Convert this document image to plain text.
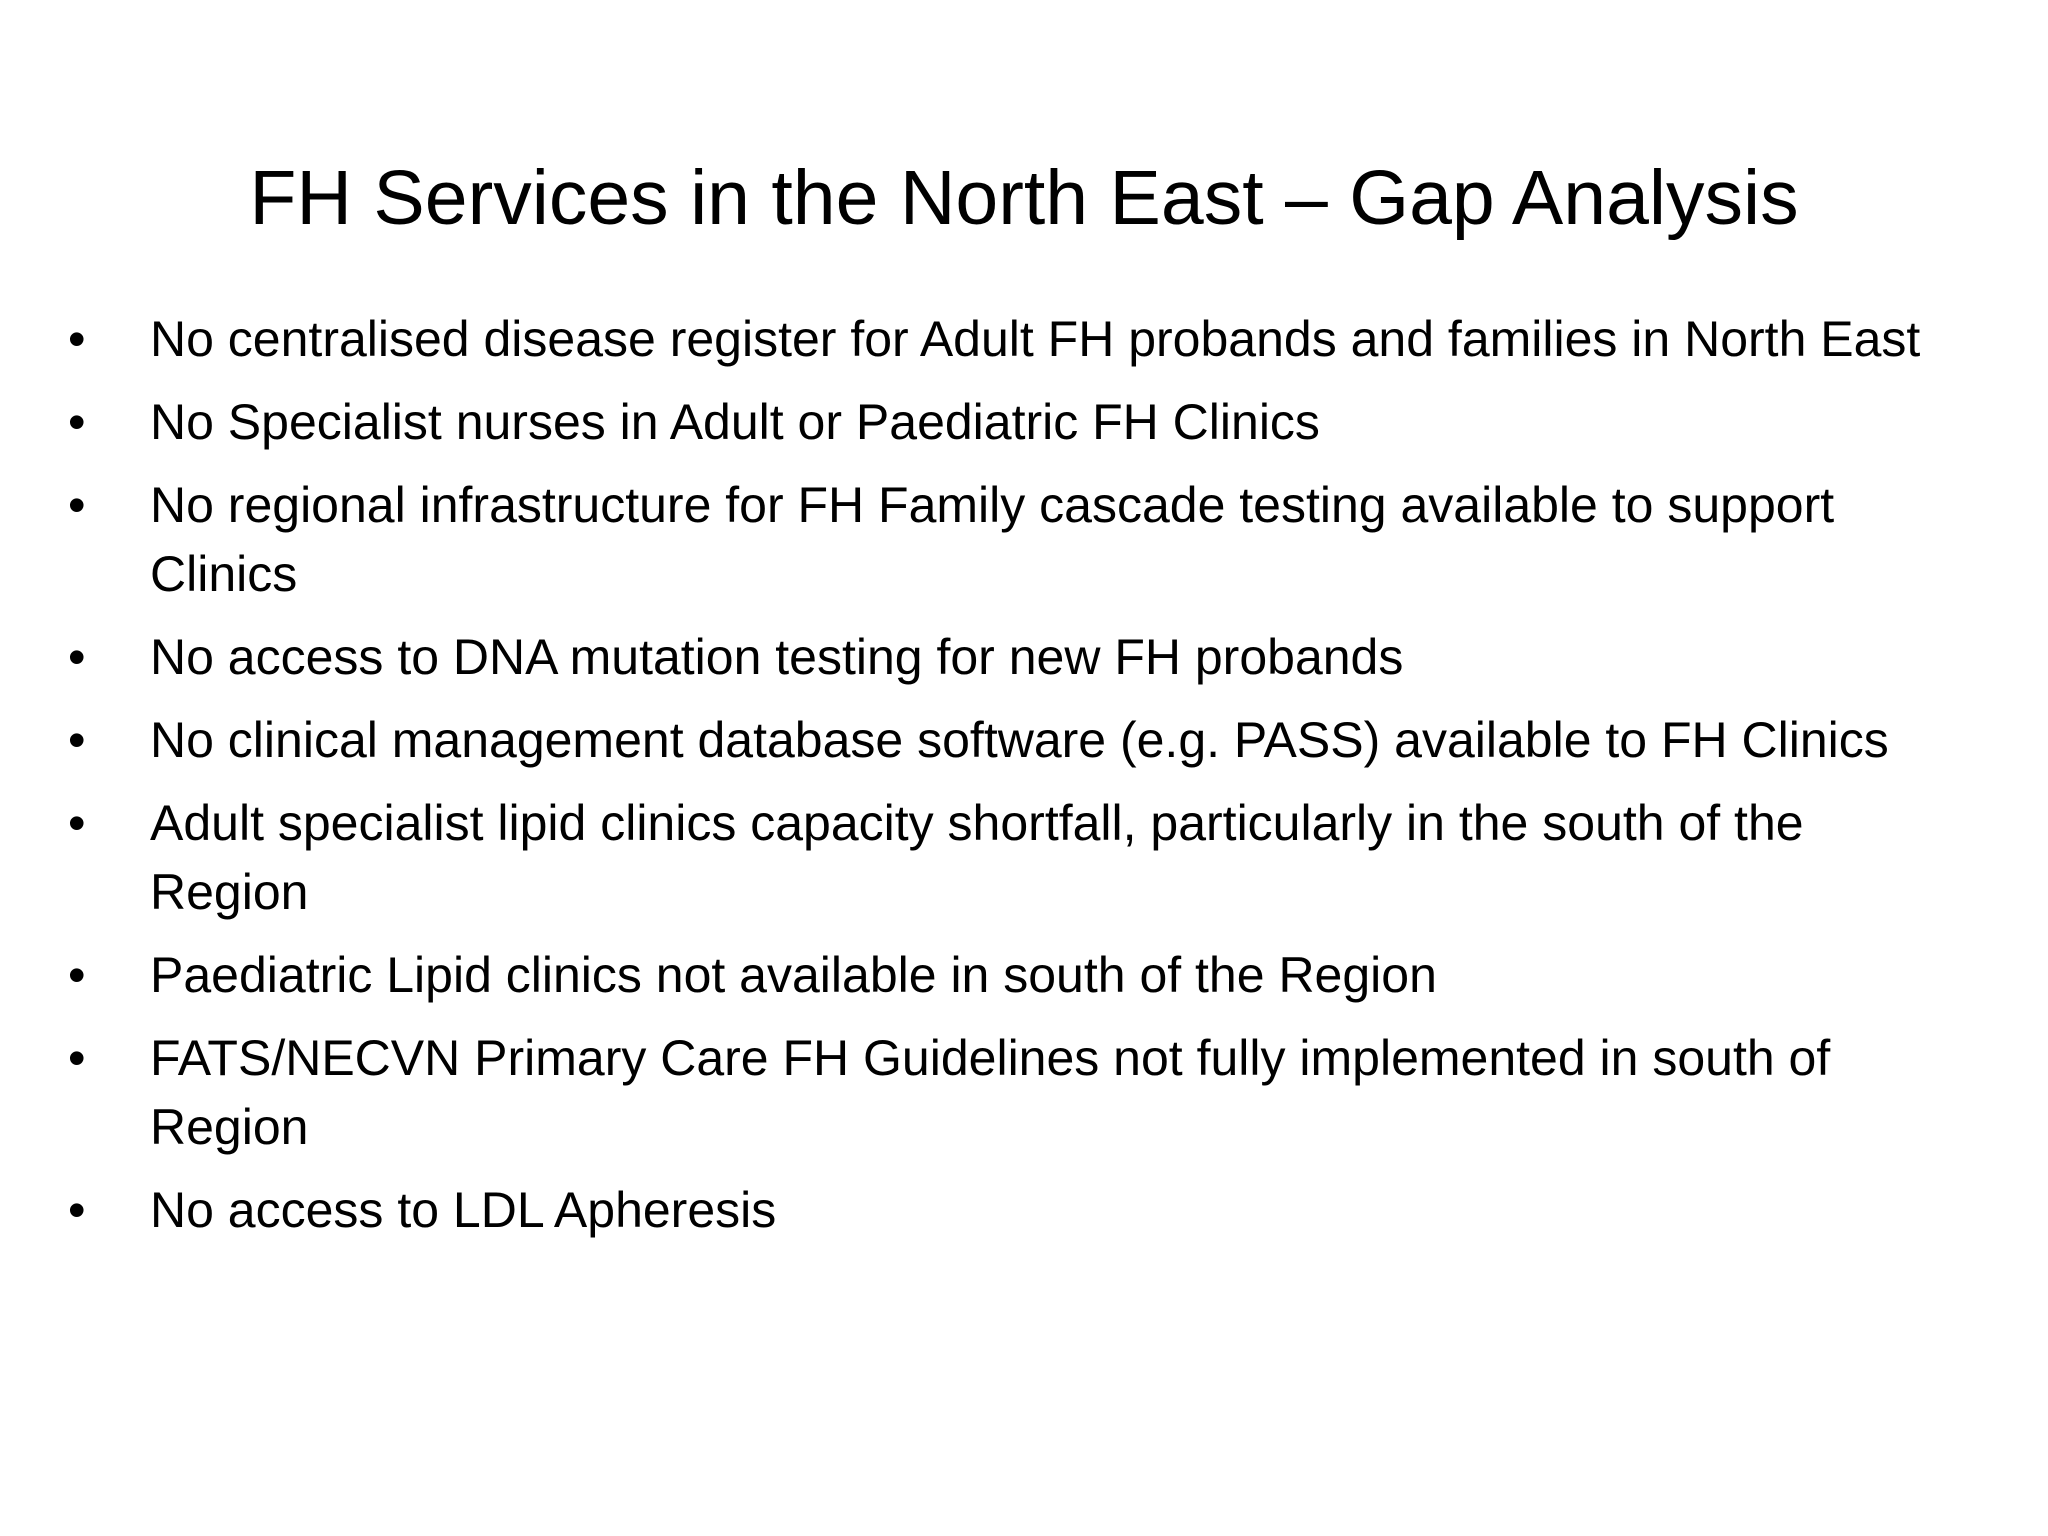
FH Services in the North East – Gap Analysis
•	No centralised disease register for Adult FH probands and families in North East
•	No Specialist nurses in Adult or Paediatric FH Clinics
•	No regional infrastructure for FH Family cascade testing available to support Clinics
•	No access to DNA mutation testing for new FH probands
•	No clinical management database software (e.g. PASS) available to FH Clinics
•	Adult specialist lipid clinics capacity shortfall, particularly in the south of the Region
•	Paediatric Lipid clinics not available in south of the Region
•	FATS/NECVN Primary Care FH Guidelines not fully implemented in south of Region
•	No access to LDL Apheresis
